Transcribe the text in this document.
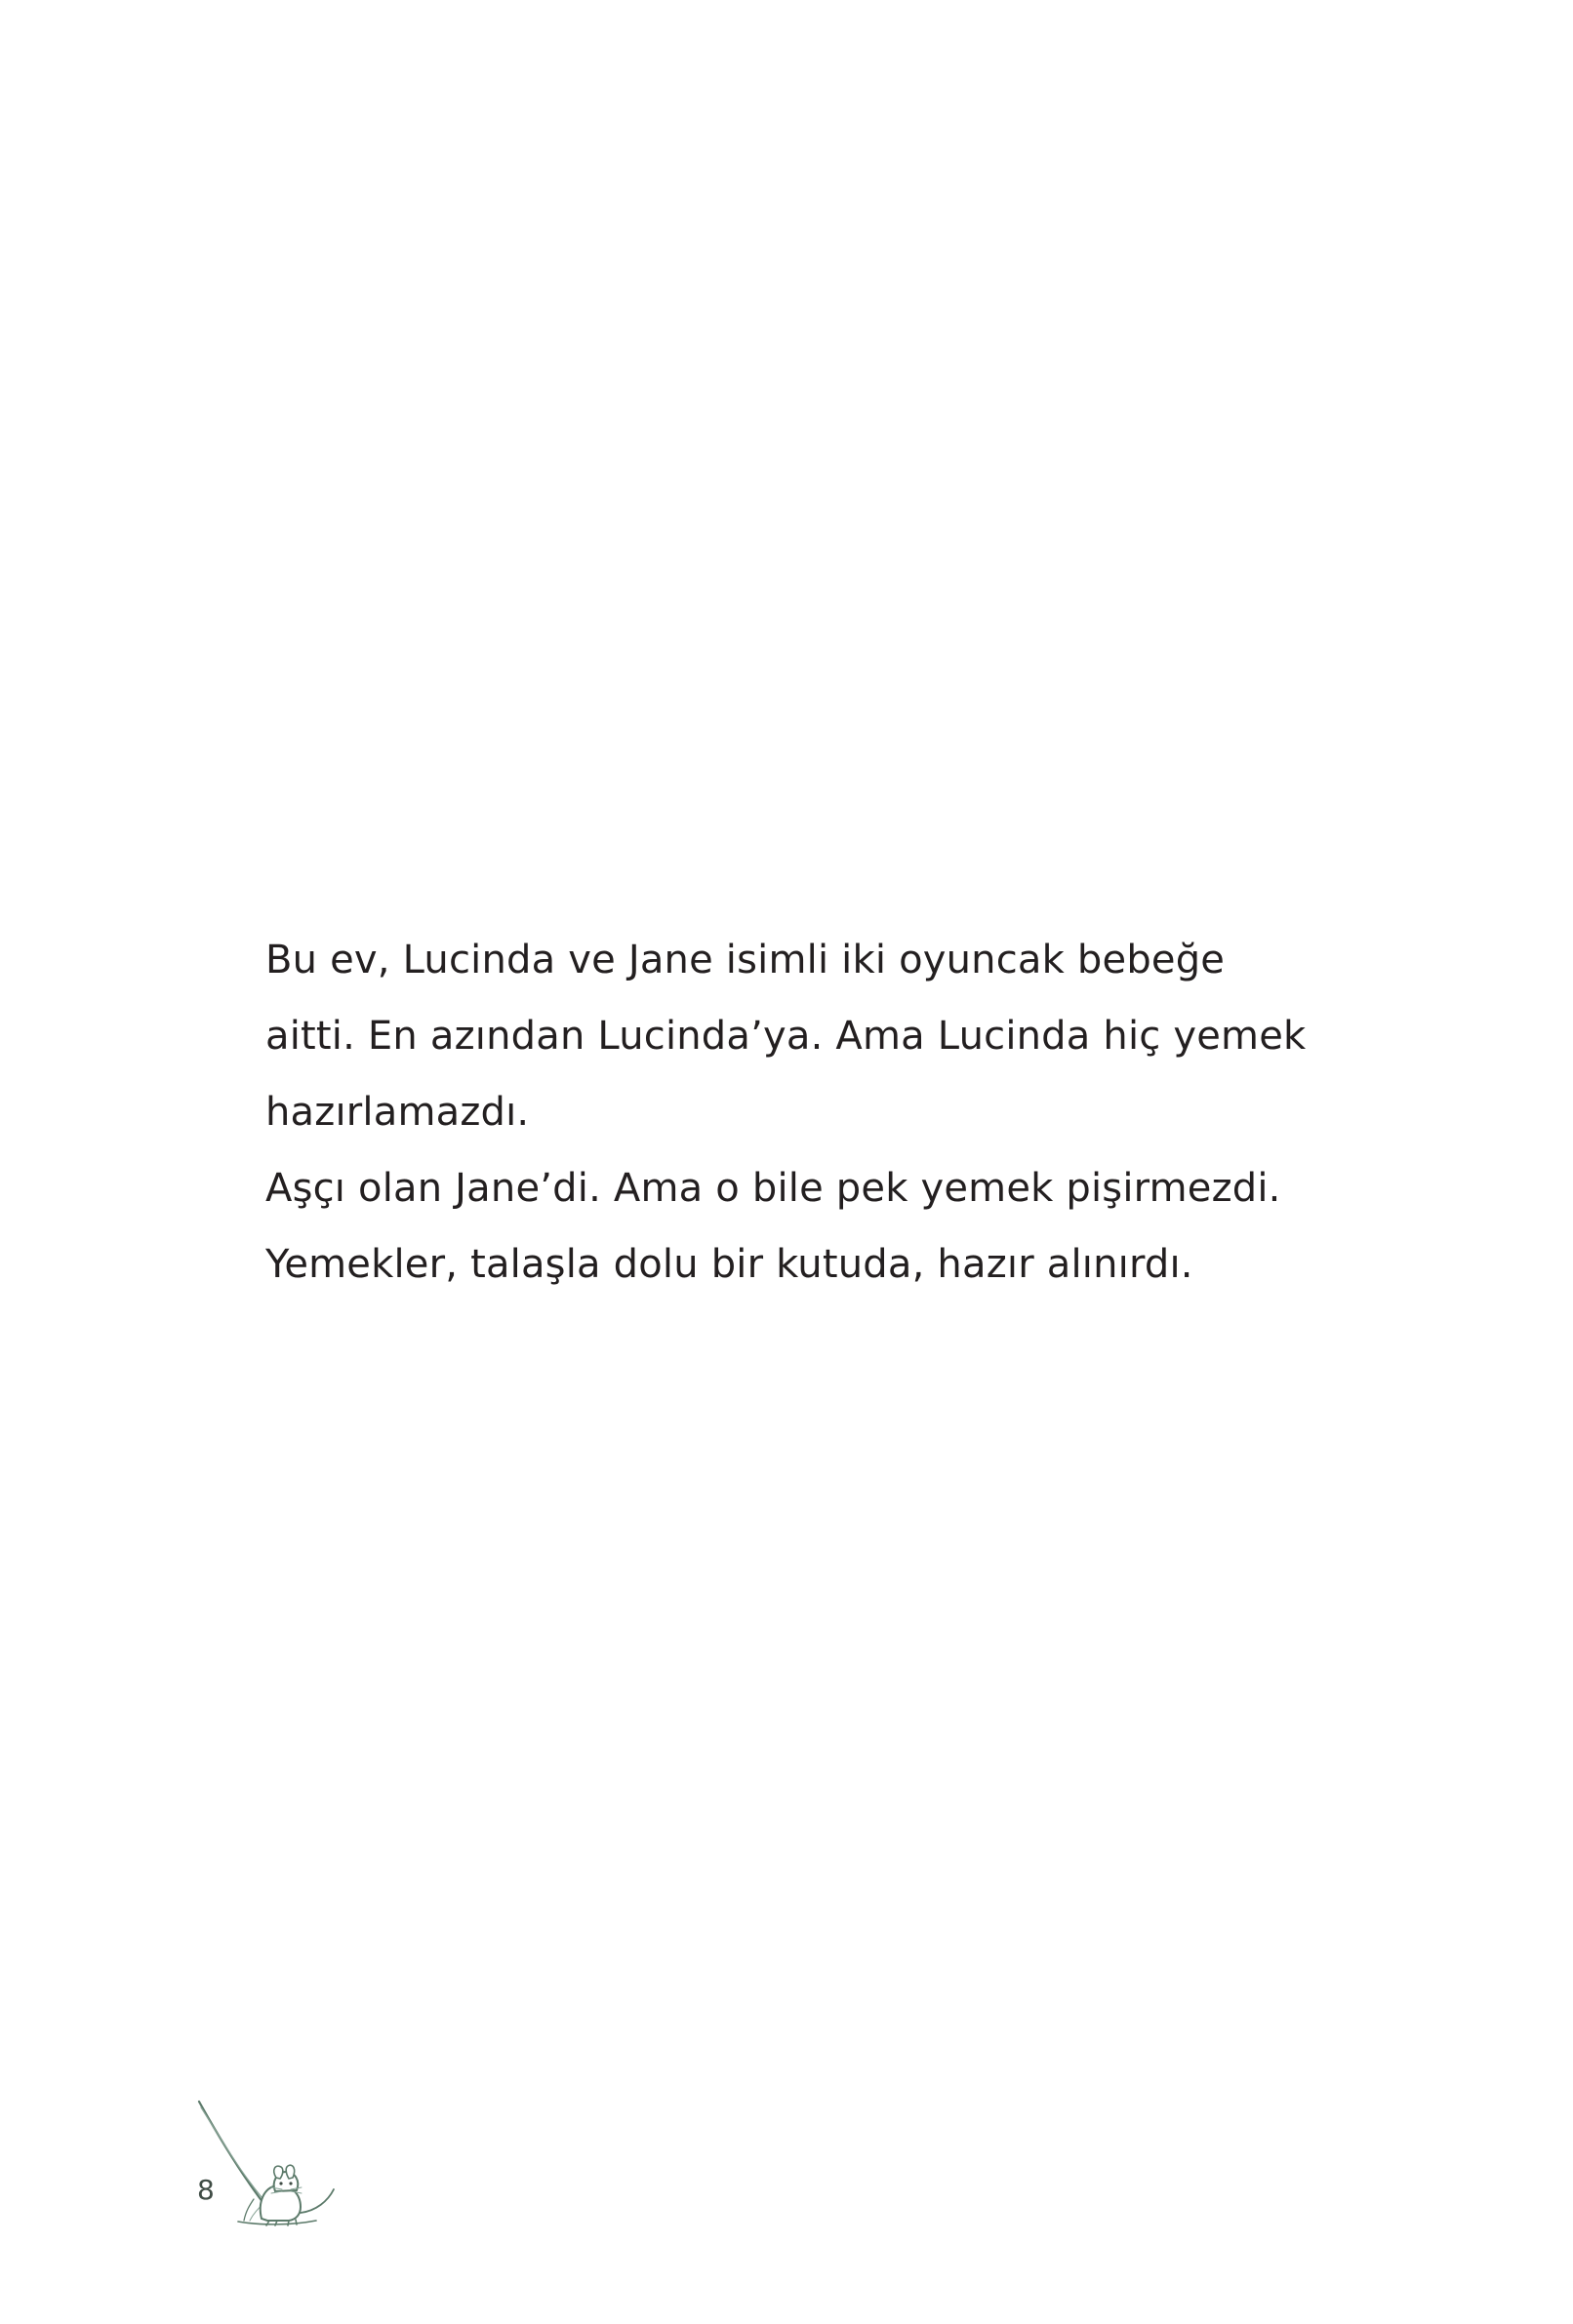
Bu ev, Lucinda ve Jane isimli iki oyuncak bebeğe aitti. En azından Lucinda’ya. Ama Lucinda hiç yemek hazırlamazdı.

Aşçı olan Jane’di. Ama o bile pek yemek pişirmezdi. Yemekler, talaşla dolu bir kutuda, hazır alınırdı.

8
